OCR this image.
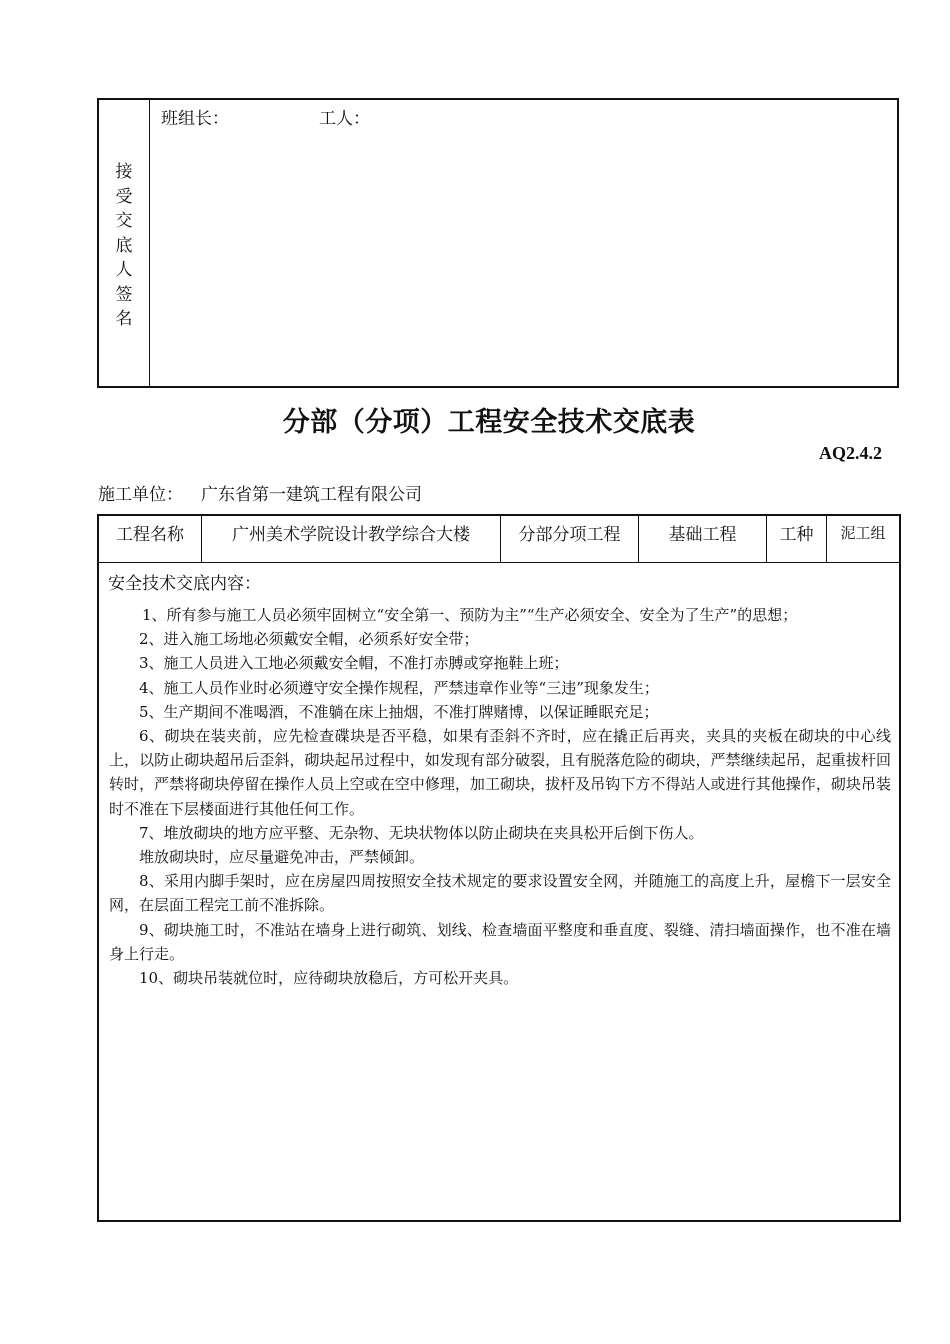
接
受
交
底
人
签
名
班组长：	工人：
分部（分项）工程安全技术交底表
AQ2.4.2
施工单位： 广东省第一建筑工程有限公司
工程名称	广州美术学院设计教学综合大楼	分部分项工程	基础工程	工种	泥工组
安全技术交底内容：

1、所有参与施工人员必须牢固树立“安全第一、预防为主”“生产必须安全、安全为了生产”的思想；

2、进入施工场地必须戴安全帽，必须系好安全带；

3、施工人员进入工地必须戴安全帽，不准打赤膊或穿拖鞋上班；

4、施工人员作业时必须遵守安全操作规程，严禁违章作业等“三违”现象发生；

5、生产期间不准喝酒，不准躺在床上抽烟，不准打牌赌博，以保证睡眠充足；

6、砌块在装夹前，应先检查碟块是否平稳，如果有歪斜不齐时，应在撬正后再夹，夹具的夹板在砌块的中心线上，以防止砌块超吊后歪斜，砌块起吊过程中，如发现有部分破裂，且有脱落危险的砌块，严禁继续起吊，起重拔杆回转时，严禁将砌块停留在操作人员上空或在空中修理，加工砌块，拔杆及吊钩下方不得站人或进行其他操作，砌块吊装时不准在下层楼面进行其他任何工作。

7、堆放砌块的地方应平整、无杂物、无块状物体以防止砌块在夹具松开后倒下伤人。

堆放砌块时，应尽量避免冲击，严禁倾卸。

8、采用内脚手架时，应在房屋四周按照安全技术规定的要求设置安全网，并随施工的高度上升，屋檐下一层安全网，在层面工程完工前不准拆除。

9、砌块施工时，不准站在墙身上进行砌筑、划线、检查墙面平整度和垂直度、裂缝、清扫墙面操作，也不准在墙身上行走。

10、砌块吊装就位时，应待砌块放稳后，方可松开夹具。
